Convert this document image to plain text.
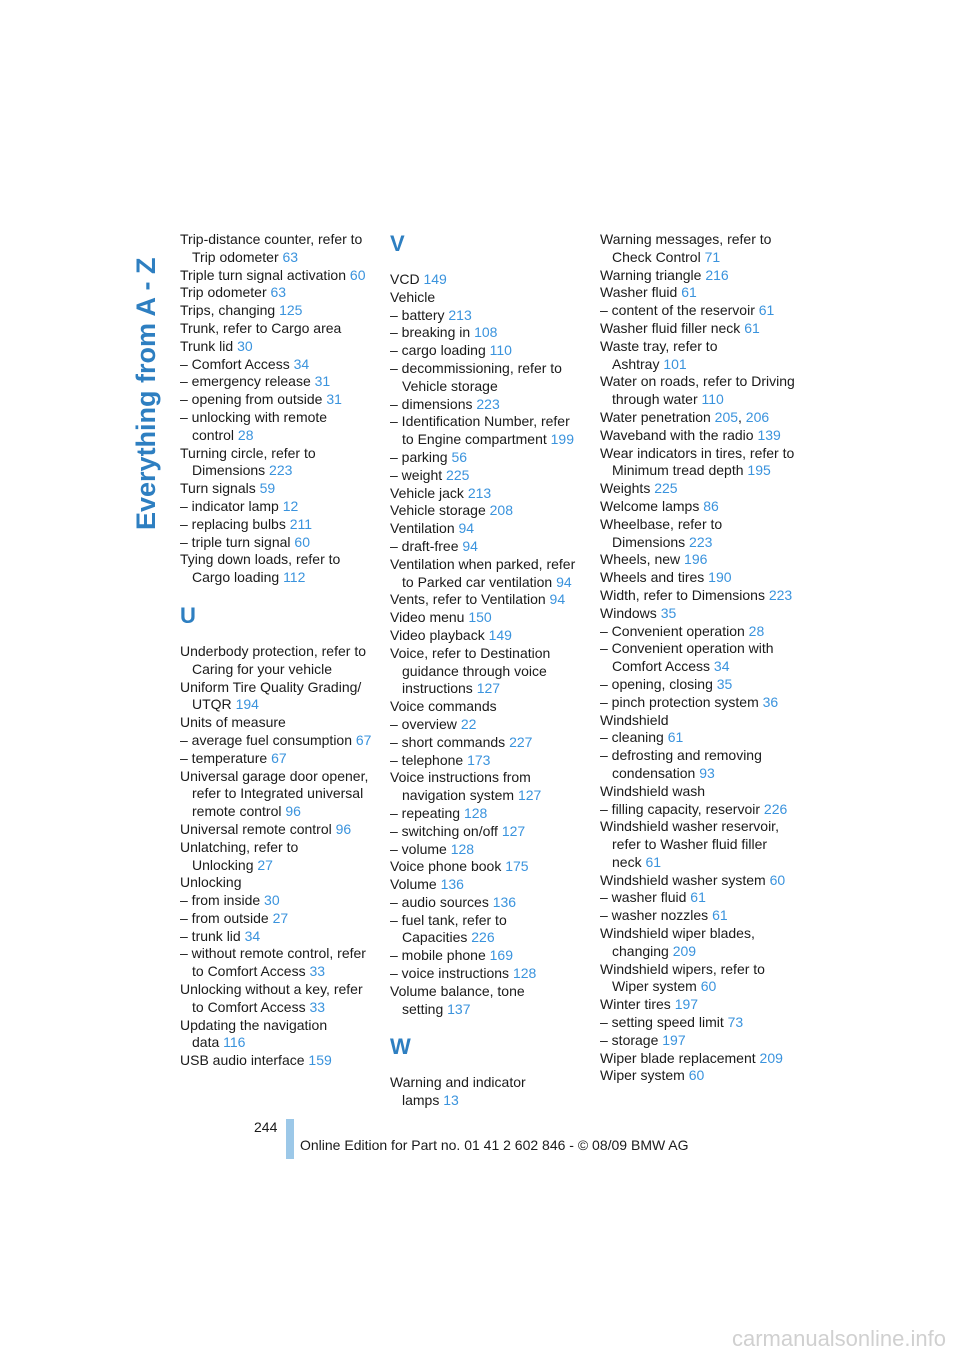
Everything from A - Z
Trip-distance counter, refer to Trip odometer 63
Triple turn signal activation 60
Trip odometer 63
Trips, changing 125
Trunk, refer to Cargo area
Trunk lid 30
– Comfort Access 34
– emergency release 31
– opening from outside 31
– unlocking with remote control 28
Turning circle, refer to Dimensions 223
Turn signals 59
– indicator lamp 12
– replacing bulbs 211
– triple turn signal 60
Tying down loads, refer to Cargo loading 112
U
Underbody protection, refer to Caring for your vehicle
Uniform Tire Quality Grading/ UTQR 194
Units of measure
– average fuel consumption 67
– temperature 67
Universal garage door opener, refer to Integrated universal remote control 96
Universal remote control 96
Unlatching, refer to Unlocking 27
Unlocking
– from inside 30
– from outside 27
– trunk lid 34
– without remote control, refer to Comfort Access 33
Unlocking without a key, refer to Comfort Access 33
Updating the navigation data 116
USB audio interface 159
V
VCD 149
Vehicle
– battery 213
– breaking in 108
– cargo loading 110
– decommissioning, refer to Vehicle storage
– dimensions 223
– Identification Number, refer to Engine compartment 199
– parking 56
– weight 225
Vehicle jack 213
Vehicle storage 208
Ventilation 94
– draft-free 94
Ventilation when parked, refer to Parked car ventilation 94
Vents, refer to Ventilation 94
Video menu 150
Video playback 149
Voice, refer to Destination guidance through voice instructions 127
Voice commands
– overview 22
– short commands 227
– telephone 173
Voice instructions from navigation system 127
– repeating 128
– switching on/off 127
– volume 128
Voice phone book 175
Volume 136
– audio sources 136
– fuel tank, refer to Capacities 226
– mobile phone 169
– voice instructions 128
Volume balance, tone setting 137
W
Warning and indicator lamps 13
Warning messages, refer to Check Control 71
Warning triangle 216
Washer fluid 61
– content of the reservoir 61
Washer fluid filler neck 61
Waste tray, refer to Ashtray 101
Water on roads, refer to Driving through water 110
Water penetration 205, 206
Waveband with the radio 139
Wear indicators in tires, refer to Minimum tread depth 195
Weights 225
Welcome lamps 86
Wheelbase, refer to Dimensions 223
Wheels, new 196
Wheels and tires 190
Width, refer to Dimensions 223
Windows 35
– Convenient operation 28
– Convenient operation with Comfort Access 34
– opening, closing 35
– pinch protection system 36
Windshield
– cleaning 61
– defrosting and removing condensation 93
Windshield wash
– filling capacity, reservoir 226
Windshield washer reservoir, refer to Washer fluid filler neck 61
Windshield washer system 60
– washer fluid 61
– washer nozzles 61
Windshield wiper blades, changing 209
Windshield wipers, refer to Wiper system 60
Winter tires 197
– setting speed limit 73
– storage 197
Wiper blade replacement 209
Wiper system 60
244
Online Edition for Part no. 01 41 2 602 846 - © 08/09 BMW AG
carmanualsonline.info
